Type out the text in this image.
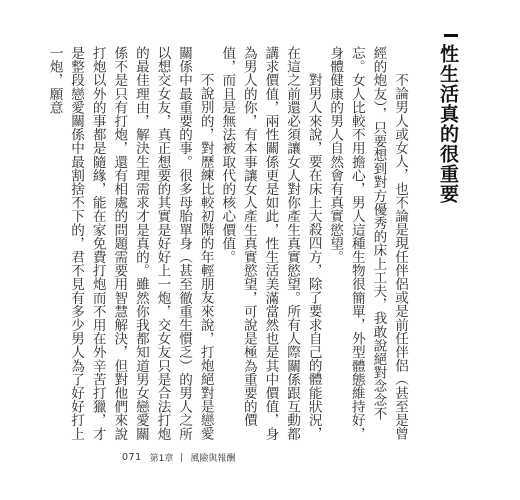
性生活真的很重要

不論男人或女人，也不論是現任伴侶或是前任伴侶（甚至是曾經的炮友），只要想到對方優秀的床上工夫，我敢說絕對念念不忘。女人比較不用擔心，男人這種生物很簡單，外型體態維持好，身體健康的男人自然會有真實慾望。

對男人來說，要在床上大殺四方，除了要求自己的體能狀況，在這之前還必須讓女人對你產生真實慾望。所有人際關係跟互動都講求價值，兩性關係更是如此，性生活美滿當然也是其中價值，身為男人的你，有本事讓女人產生真實慾望，可說是極為重要的價值，而且是無法被取代的核心價值。

不說別的，對歷練比較初階的年輕朋友來說，打炮絕對是戀愛關係中最重要的事。很多母胎單身（甚至徹重生慣乏）的男人之所以想交女友，真正想要的其實是好好上一炮，交女友只是合法打炮的最佳理由，解決生理需求才是真的。雖然你我都知道男女戀愛關係不是只有打炮，還有相處的問題需要用智慧解決，但對他們來說打炮以外的事都是隨緣，能在家免費打炮而不用在外辛苦打獵，才是整段戀愛關係中最割捨不下的，君不見有多少男人為了好好打上一炮，願意

071 第1章 風險與報酬
